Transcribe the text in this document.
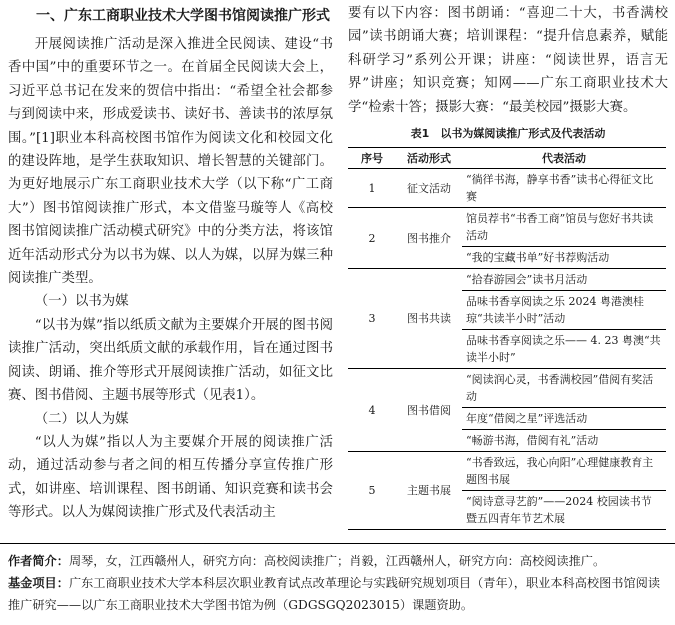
一、广东工商职业技术大学图书馆阅读推广形式

开展阅读推广活动是深入推进全民阅读、建设“书香中国”中的重要环节之一。在首届全民阅读大会上，习近平总书记在发来的贺信中指出：“希望全社会都参与到阅读中来，形成爱读书、读好书、善读书的浓厚氛围。”[1]职业本科高校图书馆作为阅读文化和校园文化的建设阵地，是学生获取知识、增长智慧的关键部门。为更好地展示广东工商职业技术大学（以下称“广工商大”）图书馆阅读推广形式，本文借鉴马璇等人《高校图书馆阅读推广活动模式研究》中的分类方法，将该馆近年活动形式分为以书为媒、以人为媒，以屏为媒三种阅读推广类型。

（一）以书为媒

“以书为媒”指以纸质文献为主要媒介开展的图书阅读推广活动，突出纸质文献的承载作用，旨在通过图书阅读、朗诵、推介等形式开展阅读推广活动，如征文比赛、图书借阅、主题书展等形式（见表1）。

（二）以人为媒

“以人为媒”指以人为主要媒介开展的阅读推广活动，通过活动参与者之间的相互传播分享宣传推广形式，如讲座、培训课程、图书朗诵、知识竞赛和读书会等形式。以人为媒阅读推广形式及代表活动主

要有以下内容：图书朗诵：“喜迎二十大，书香满校园”读书朗诵大赛；培训课程：“提升信息素养，赋能科研学习”系列公开课；讲座：“阅读世界，语言无界”讲座；知识竞赛；知网——广东工商职业技术大学“检索十答；摄影大赛：“最美校园”摄影大赛。

表1　以书为媒阅读推广形式及代表活动
序号	活动形式	代表活动
1	征文活动	“徜徉书海，静享书香”读书心得征文比赛
2	图书推介	馆员荐书“书香工商”馆员与您好书共读活动
		“我的宝藏书单”好书荐购活动
3	图书共读	“拾春游园会”读书月活动
		品味书香享阅读之乐 2024 粤港澳桂琼“共读半小时”活动
		品味书香享阅读之乐—— 4. 23 粤澳“共读半小时”
4	图书借阅	“阅读润心灵，书香满校园”借阅有奖活动
		年度“借阅之星”评选活动
		“畅游书海，借阅有礼”活动
5	主题书展	“书香致远，我心向阳”心理健康教育主题图书展
		“阅诗意寻艺韵”——2024 校园读书节暨五四青年节艺术展
作者简介：周琴，女，江西赣州人，研究方向：高校阅读推广；肖毅，江西赣州人，研究方向：高校阅读推广。
基金项目：广东工商职业技术大学本科层次职业教育试点改革理论与实践研究规划项目（青年），职业本科高校图书馆阅读推广研究——以广东工商职业技术大学图书馆为例（GDGSGQ2023015）课题资助。
